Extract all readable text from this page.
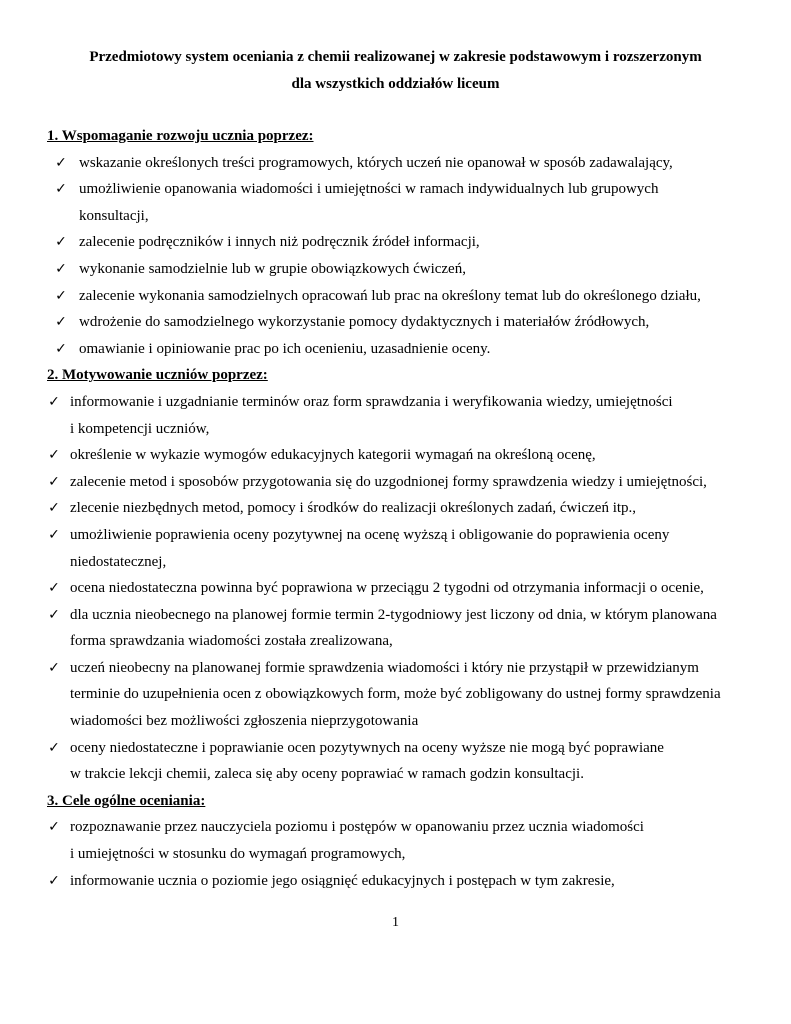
Przedmiotowy system oceniania z chemii realizowanej w zakresie podstawowym i rozszerzonym
dla wszystkich oddziałów liceum
1. Wspomaganie rozwoju ucznia poprzez:
✓ wskazanie określonych treści programowych, których uczeń nie opanował w sposób zadawalający,
✓ umożliwienie opanowania wiadomości i umiejętności w ramach indywidualnych lub grupowych
konsultacji,
✓ zalecenie podręczników i innych niż podręcznik źródeł informacji,
✓ wykonanie samodzielnie lub w grupie obowiązkowych ćwiczeń,
✓ zalecenie wykonania samodzielnych opracowań lub prac na określony temat lub do określonego działu,
✓ wdrożenie do samodzielnego wykorzystanie pomocy dydaktycznych i materiałów źródłowych,
✓ omawianie i opiniowanie prac po ich ocenieniu, uzasadnienie oceny.
2. Motywowanie uczniów poprzez:
✓ informowanie i uzgadnianie terminów oraz form sprawdzania i weryfikowania wiedzy, umiejętności
i kompetencji uczniów,
✓ określenie w wykazie wymogów edukacyjnych kategorii wymagań na określoną ocenę,
✓ zalecenie metod i sposobów przygotowania się do uzgodnionej formy sprawdzenia wiedzy i umiejętności,
✓ zlecenie niezbędnych metod, pomocy i środków do realizacji określonych zadań, ćwiczeń itp.,
✓ umożliwienie poprawienia oceny pozytywnej na ocenę wyższą i obligowanie do poprawienia oceny
niedostatecznej,
✓ ocena niedostateczna powinna być poprawiona w przeciągu 2 tygodni od otrzymania informacji o ocenie,
✓ dla ucznia nieobecnego na planowej formie termin 2-tygodniowy jest liczony od dnia, w którym planowana
forma sprawdzania wiadomości została zrealizowana,
✓ uczeń nieobecny na planowanej formie sprawdzenia wiadomości i który nie przystąpił w przewidzianym
terminie do uzupełnienia ocen z obowiązkowych form, może być zobligowany do ustnej formy sprawdzenia
wiadomości bez możliwości zgłoszenia nieprzygotowania
✓ oceny niedostateczne i poprawianie ocen pozytywnych na oceny wyższe nie mogą być poprawiane
w trakcie lekcji chemii, zaleca się aby oceny poprawiać w ramach godzin konsultacji.
3. Cele ogólne oceniania:
✓ rozpoznawanie przez nauczyciela poziomu i postępów w opanowaniu przez ucznia wiadomości
i umiejętności w stosunku do wymagań programowych,
✓ informowanie ucznia o poziomie jego osiągnięć edukacyjnych i postępach w tym zakresie,
1
